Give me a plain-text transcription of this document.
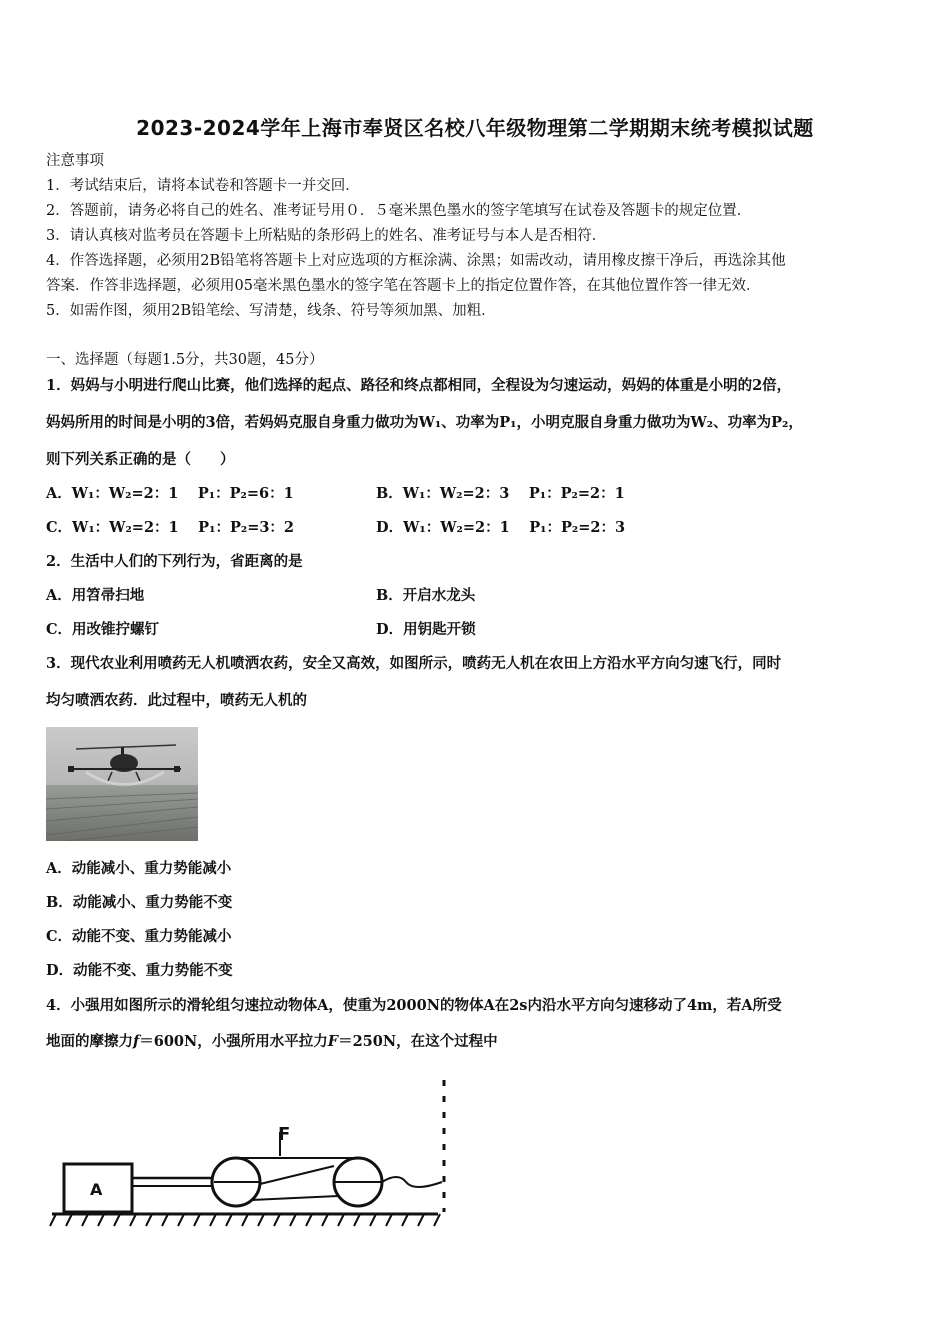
2023-2024学年上海市奉贤区名校八年级物理第二学期期末统考模拟试题
注意事项
1．考试结束后，请将本试卷和答题卡一并交回．
2．答题前，请务必将自己的姓名、准考证号用０．５毫米黑色墨水的签字笔填写在试卷及答题卡的规定位置．
3．请认真核对监考员在答题卡上所粘贴的条形码上的姓名、准考证号与本人是否相符．
4．作答选择题，必须用2B铅笔将答题卡上对应选项的方框涂满、涂黑；如需改动，请用橡皮擦干净后，再选涂其他
答案．作答非选择题，必须用05毫米黑色墨水的签字笔在答题卡上的指定位置作答，在其他位置作答一律无效．
5．如需作图，须用2B铅笔绘、写清楚，线条、符号等须加黑、加粗．
一、选择题（每题1.5分，共30题，45分）
1．妈妈与小明进行爬山比赛，他们选择的起点、路径和终点都相同，全程设为匀速运动，妈妈的体重是小明的2倍，
妈妈所用的时间是小明的3倍，若妈妈克服自身重力做功为W₁、功率为P₁，小明克服自身重力做功为W₂、功率为P₂，
则下列关系正确的是（　　）
A．W₁：W₂=2：1　 P₁：P₂=6：1	B．W₁：W₂=2：3　 P₁：P₂=2：1
C．W₁：W₂=2：1　 P₁：P₂=3：2	D．W₁：W₂=2：1　 P₁：P₂=2：3
2．生活中人们的下列行为，省距离的是
A．用笤帚扫地	B．开启水龙头
C．用改锥拧螺钉	D．用钥匙开锁
3．现代农业利用喷药无人机喷洒农药，安全又高效，如图所示，喷药无人机在农田上方沿水平方向匀速飞行，同时
均匀喷洒农药．此过程中，喷药无人机的
A．动能减小、重力势能减小
B．动能减小、重力势能不变
C．动能不变、重力势能减小
D．动能不变、重力势能不变
4．小强用如图所示的滑轮组匀速拉动物体A，使重为2000N的物体A在2s内沿水平方向匀速移动了4m，若A所受
地面的摩擦力f＝600N，小强所用水平拉力F＝250N，在这个过程中
A
F
